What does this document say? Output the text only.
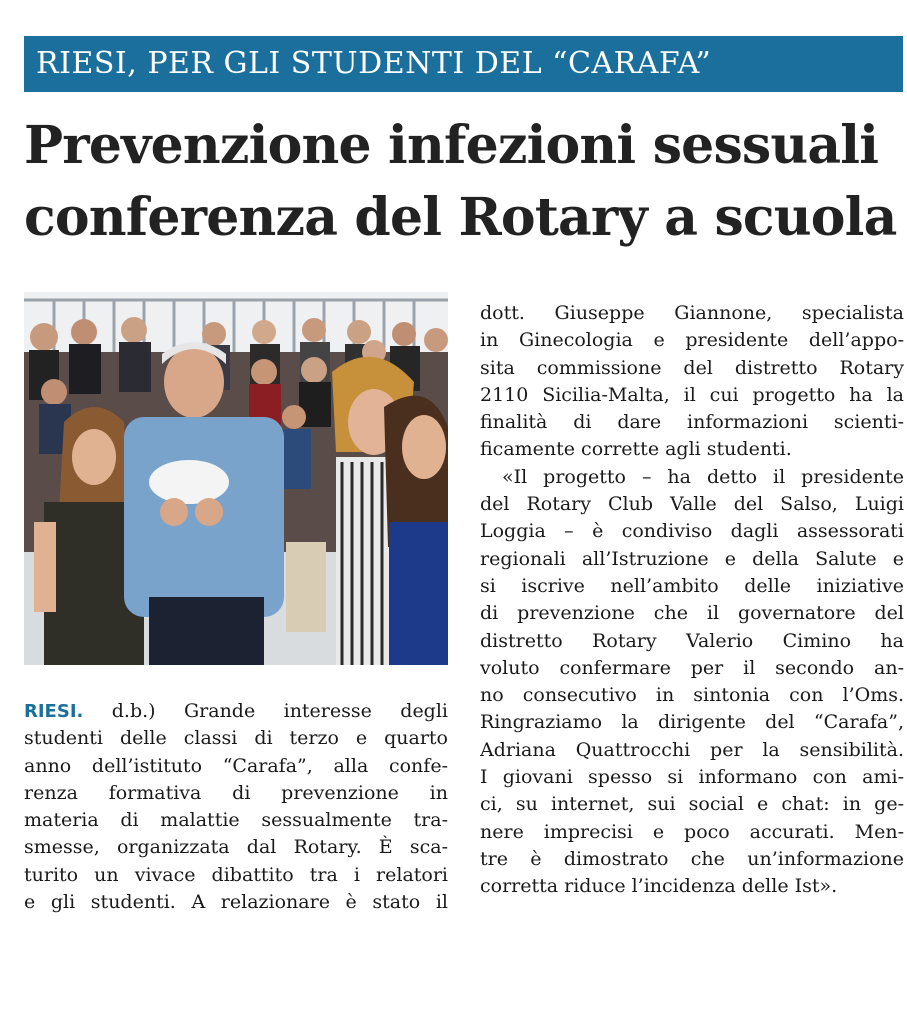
RIESI, PER GLI STUDENTI DEL “CARAFA”
Prevenzione infezioni sessuali
conferenza del Rotary a scuola
RIESI. d.b.) Grande interesse degli
studenti delle classi di terzo e quarto
anno dell’istituto “Carafa”, alla confe-
renza formativa di prevenzione in
materia di malattie sessualmente tra-
smesse, organizzata dal Rotary. È sca-
turito un vivace dibattito tra i relatori
e gli studenti. A relazionare è stato il
dott. Giuseppe Giannone, specialista
in Ginecologia e presidente dell’appo-
sita commissione del distretto Rotary
2110 Sicilia-Malta, il cui progetto ha la
finalità di dare informazioni scienti-
ficamente corrette agli studenti.
«Il progetto – ha detto il presidente
del Rotary Club Valle del Salso, Luigi
Loggia – è condiviso dagli assessorati
regionali all’Istruzione e della Salute e
si iscrive nell’ambito delle iniziative
di prevenzione che il governatore del
distretto Rotary Valerio Cimino ha
voluto confermare per il secondo an-
no consecutivo in sintonia con l’Oms.
Ringraziamo la dirigente del “Carafa”,
Adriana Quattrocchi per la sensibilità.
I giovani spesso si informano con ami-
ci, su internet, sui social e chat: in ge-
nere imprecisi e poco accurati. Men-
tre è dimostrato che un’informazione
corretta riduce l’incidenza delle Ist».
